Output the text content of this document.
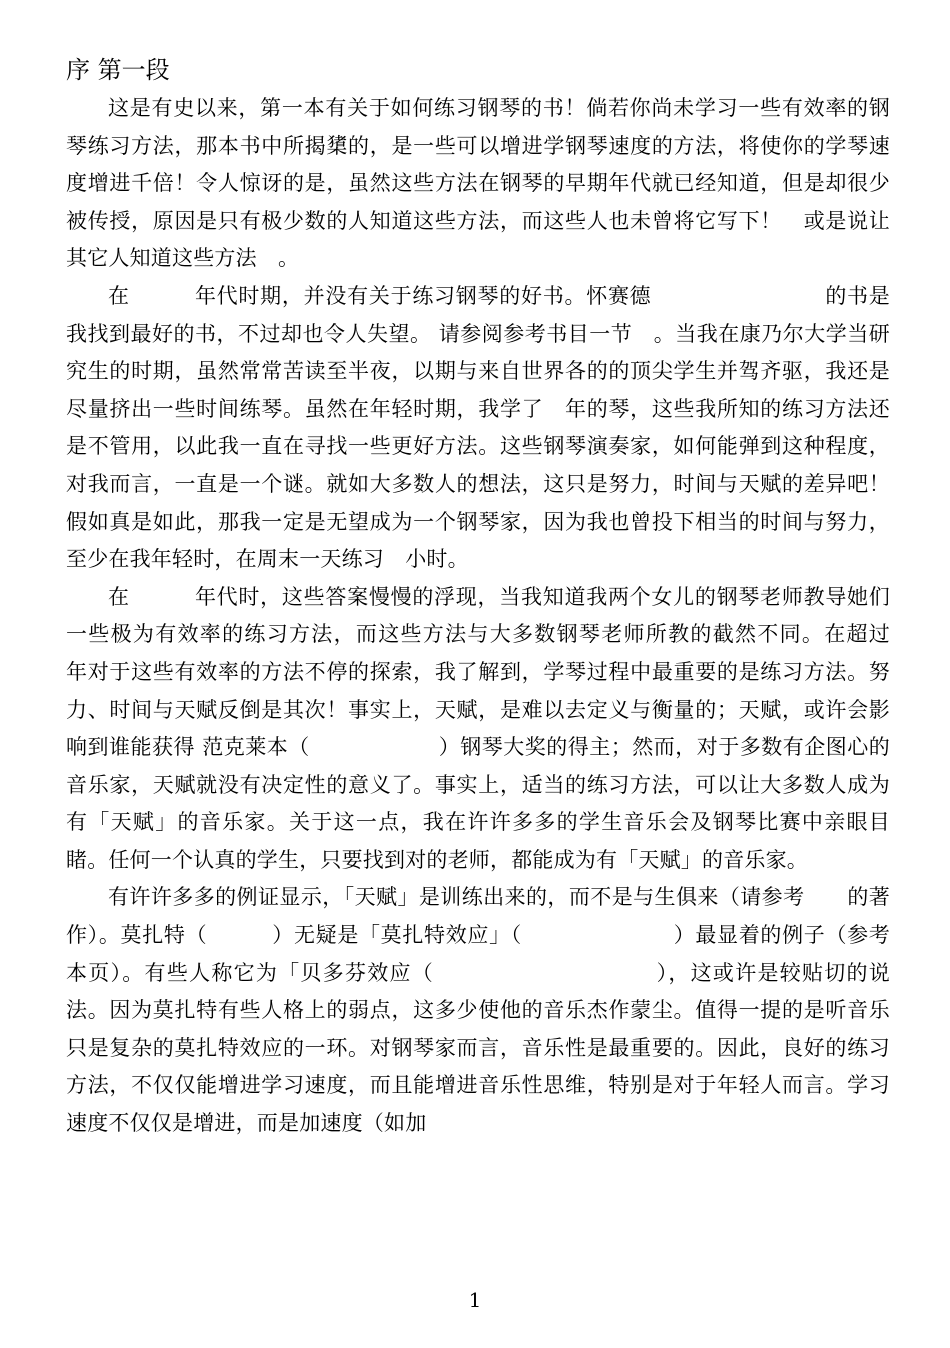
序 第一段

这是有史以来，第一本有关于如何练习钢琴的书！倘若你尚未学习一些有效率的钢琴练习方法，那本书中所揭橥的，是一些可以增进学钢琴速度的方法，将使你的学琴速度增进千倍！令人惊讶的是，虽然这些方法在钢琴的早期年代就已经知道，但是却很少被传授，原因是只有极少数的人知道这些方法，而这些人也未曾将它写下！　或是说让其它人知道这些方法　。

在　　　年代时期，并没有关于练习钢琴的好书。怀赛德　　　　　　　　的书是我找到最好的书，不过却也令人失望。 请参阅参考书目一节　。当我在康乃尔大学当研究生的时期，虽然常常苦读至半夜，以期与来自世界各的的顶尖学生并驾齐驱，我还是尽量挤出一些时间练琴。虽然在年轻时期，我学了　年的琴，这些我所知的练习方法还是不管用，以此我一直在寻找一些更好方法。这些钢琴演奏家，如何能弹到这种程度，对我而言，一直是一个谜。就如大多数人的想法，这只是努力，时间与天赋的差异吧！假如真是如此，那我一定是无望成为一个钢琴家，因为我也曾投下相当的时间与努力，至少在我年轻时，在周末一天练习　小时。

在　　　年代时，这些答案慢慢的浮现，当我知道我两个女儿的钢琴老师教导她们一些极为有效率的练习方法，而这些方法与大多数钢琴老师所教的截然不同。在超过　　年对于这些有效率的方法不停的探索，我了解到，学琴过程中最重要的是练习方法。努力、时间与天赋反倒是其次！事实上，天赋，是难以去定义与衡量的；天赋，或许会影响到谁能获得 范克莱本（　　　　　　）钢琴大奖的得主；然而，对于多数有企图心的音乐家，天赋就没有决定性的意义了。事实上，适当的练习方法，可以让大多数人成为有「天赋」的音乐家。关于这一点，我在许许多多的学生音乐会及钢琴比赛中亲眼目睹。任何一个认真的学生，只要找到对的老师，都能成为有「天赋」的音乐家。

有许许多多的例证显示，「天赋」是训练出来的，而不是与生俱来（请参考　　的著作）。莫扎特（　　　）无疑是「莫扎特效应」（　　　　　　　）最显着的例子（参考本页）。有些人称它为「贝多芬效应（　　　　　　　　　　），这或许是较贴切的说法。因为莫扎特有些人格上的弱点，这多少使他的音乐杰作蒙尘。值得一提的是听音乐只是复杂的莫扎特效应的一环。对钢琴家而言，音乐性是最重要的。因此，良好的练习方法，不仅仅能增进学习速度，而且能增进音乐性思维，特别是对于年轻人而言。学习速度不仅仅是增进，而是加速度（如加

1
